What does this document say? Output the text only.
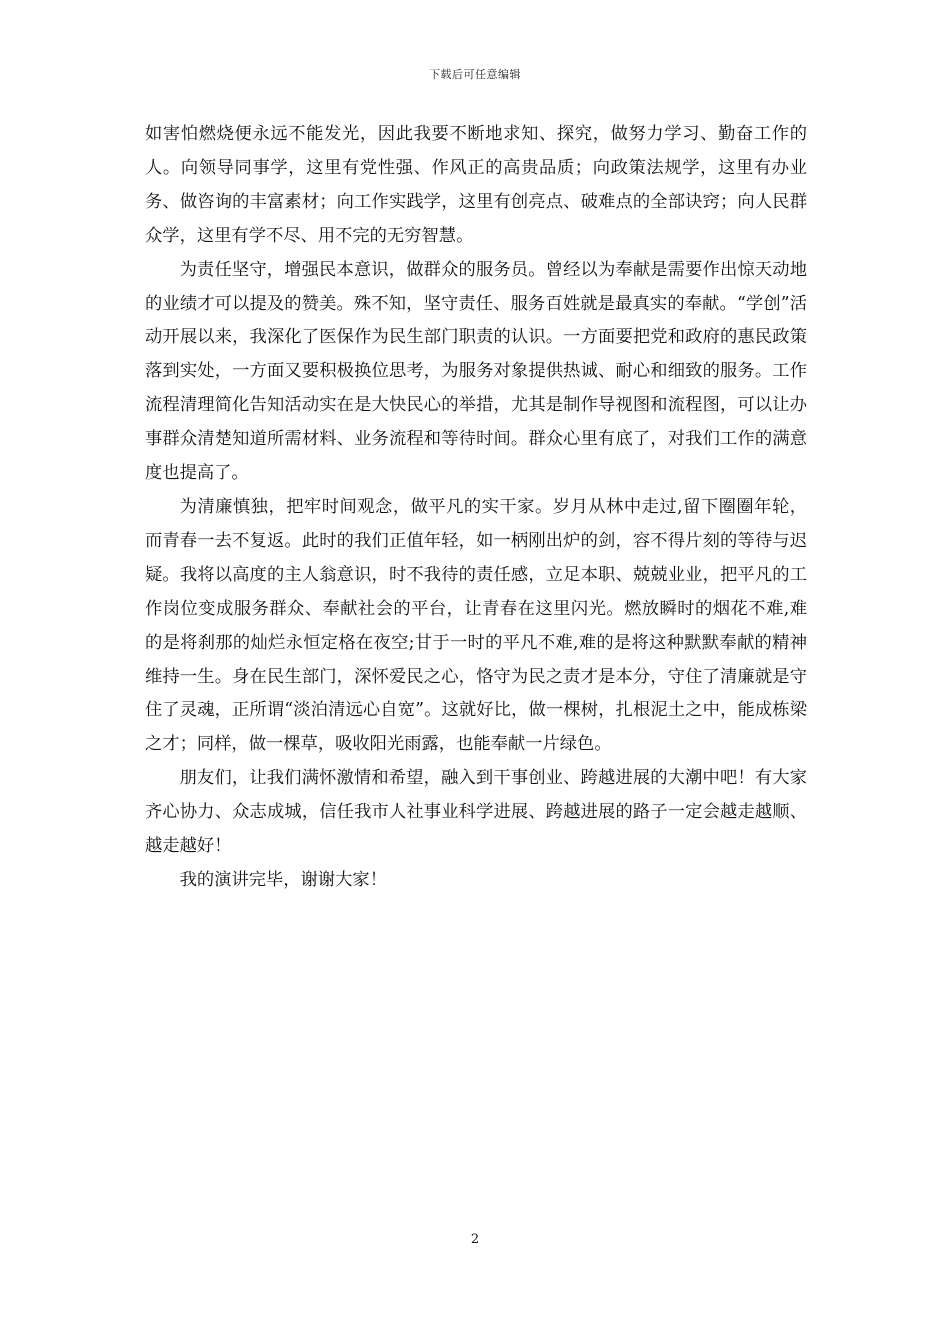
下载后可任意编辑

如害怕燃烧便永远不能发光，因此我要不断地求知、探究，做努力学习、勤奋工作的人。向领导同事学，这里有党性强、作风正的高贵品质；向政策法规学，这里有办业务、做咨询的丰富素材；向工作实践学，这里有创亮点、破难点的全部诀窍；向人民群众学，这里有学不尽、用不完的无穷智慧。

为责任坚守，增强民本意识，做群众的服务员。曾经以为奉献是需要作出惊天动地的业绩才可以提及的赞美。殊不知，坚守责任、服务百姓就是最真实的奉献。“学创”活动开展以来，我深化了医保作为民生部门职责的认识。一方面要把党和政府的惠民政策落到实处，一方面又要积极换位思考，为服务对象提供热诚、耐心和细致的服务。工作流程清理简化告知活动实在是大快民心的举措，尤其是制作导视图和流程图，可以让办事群众清楚知道所需材料、业务流程和等待时间。群众心里有底了，对我们工作的满意度也提高了。

为清廉慎独，把牢时间观念，做平凡的实干家。岁月从林中走过,留下圈圈年轮，而青春一去不复返。此时的我们正值年轻，如一柄刚出炉的剑，容不得片刻的等待与迟疑。我将以高度的主人翁意识，时不我待的责任感，立足本职、兢兢业业，把平凡的工作岗位变成服务群众、奉献社会的平台，让青春在这里闪光。燃放瞬时的烟花不难,难的是将刹那的灿烂永恒定格在夜空;甘于一时的平凡不难,难的是将这种默默奉献的精神维持一生。身在民生部门，深怀爱民之心，恪守为民之责才是本分，守住了清廉就是守住了灵魂，正所谓“淡泊清远心自宽”。这就好比，做一棵树，扎根泥土之中，能成栋梁之才；同样，做一棵草，吸收阳光雨露，也能奉献一片绿色。

朋友们，让我们满怀激情和希望，融入到干事创业、跨越进展的大潮中吧！有大家齐心协力、众志成城，信任我市人社事业科学进展、跨越进展的路子一定会越走越顺、越走越好！

我的演讲完毕，谢谢大家！

2
